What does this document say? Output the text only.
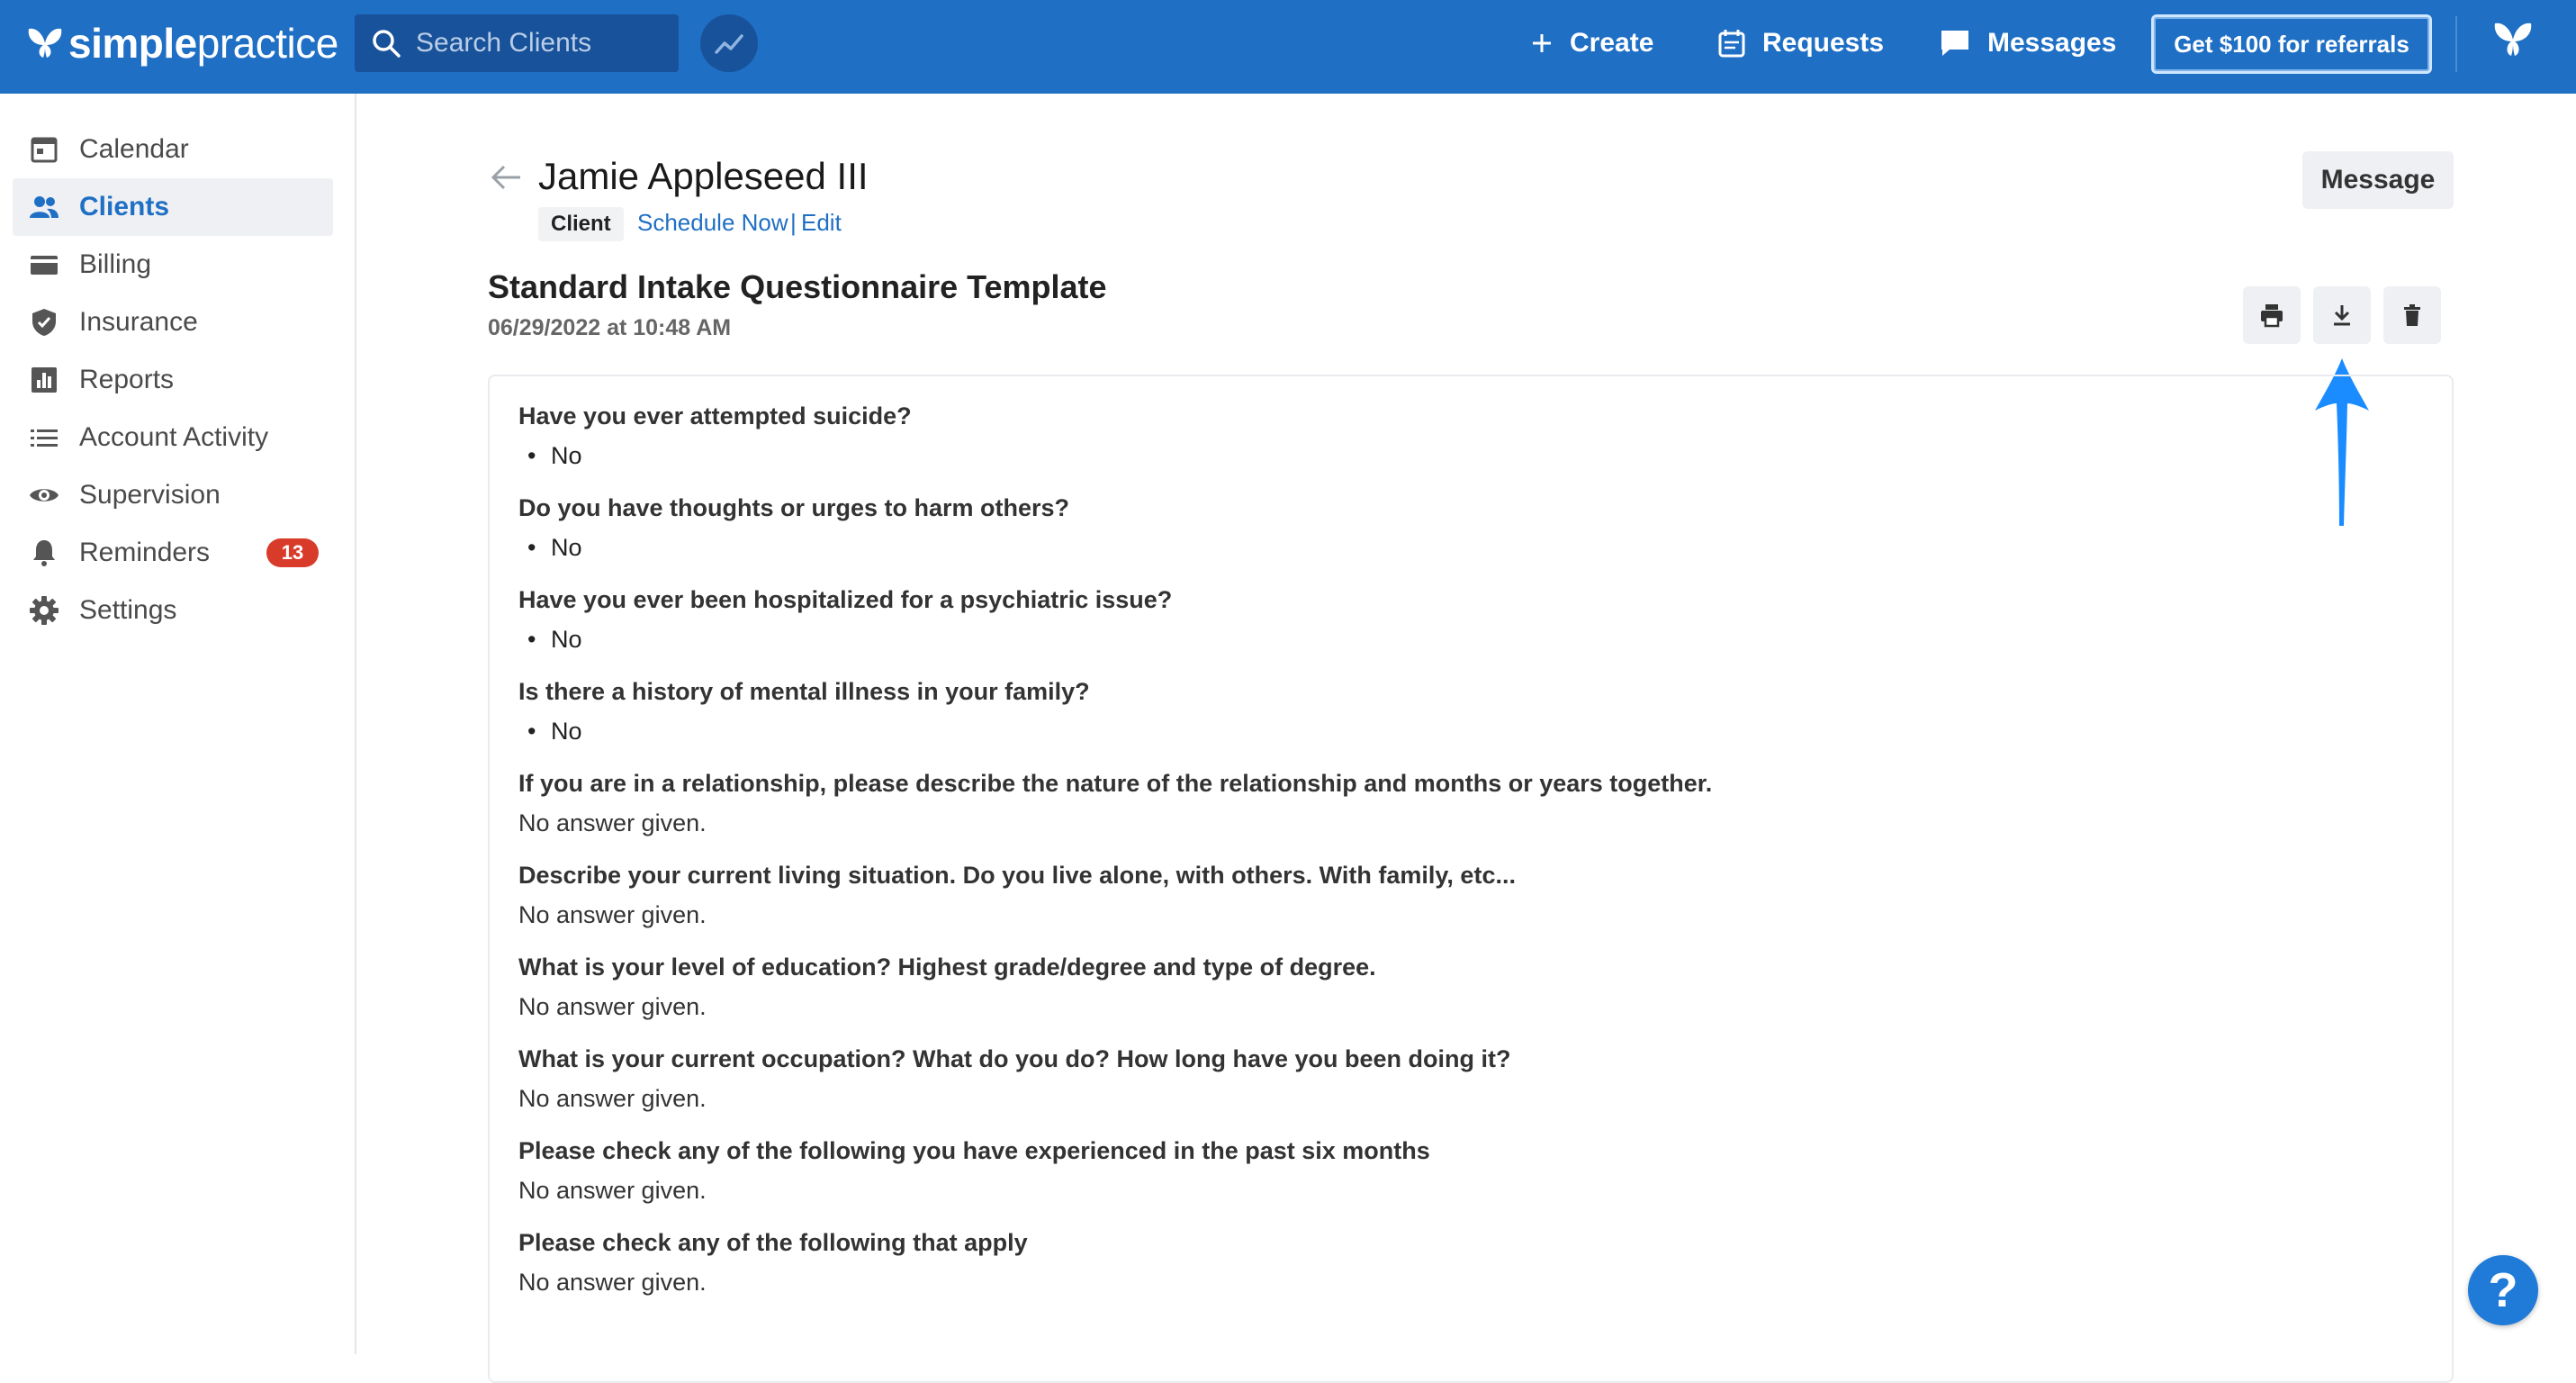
simplepractice
Search Clients	Create	Requests	Messages Get $100 for referrals
Calendar
Clients
Billing
Insurance
Reports
Account Activity
Supervision
Reminders	13
Settings
Jamie Appleseed III
Client	Schedule Now | Edit
Message
Standard Intake Questionnaire Template
06/29/2022 at 10:48 AM
Have you ever attempted suicide?
• No
Do you have thoughts or urges to harm others?
• No
Have you ever been hospitalized for a psychiatric issue?
• No
Is there a history of mental illness in your family?
• No
If you are in a relationship, please describe the nature of the relationship and months or years together.
No answer given.
Describe your current living situation. Do you live alone, with others. With family, etc...
No answer given.
What is your level of education? Highest grade/degree and type of degree.
No answer given.
What is your current occupation? What do you do? How long have you been doing it?
No answer given.
Please check any of the following you have experienced in the past six months
No answer given.
Please check any of the following that apply
No answer given.	?
